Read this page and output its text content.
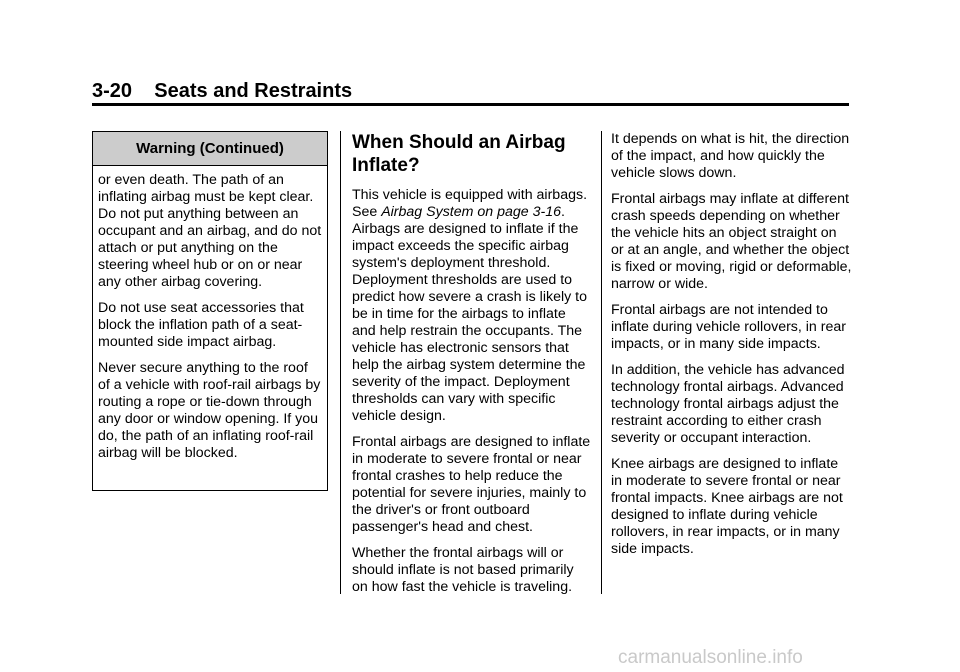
3-20 Seats and Restraints
Warning (Continued)

or even death. The path of an inflating airbag must be kept clear. Do not put anything between an occupant and an airbag, and do not attach or put anything on the steering wheel hub or on or near any other airbag covering.

Do not use seat accessories that block the inflation path of a seat-mounted side impact airbag.

Never secure anything to the roof of a vehicle with roof-rail airbags by routing a rope or tie-down through any door or window opening. If you do, the path of an inflating roof-rail airbag will be blocked.

When Should an Airbag Inflate?

This vehicle is equipped with airbags. See Airbag System on page 3-16. Airbags are designed to inflate if the impact exceeds the specific airbag system's deployment threshold. Deployment thresholds are used to predict how severe a crash is likely to be in time for the airbags to inflate and help restrain the occupants. The vehicle has electronic sensors that help the airbag system determine the severity of the impact. Deployment thresholds can vary with specific vehicle design.

Frontal airbags are designed to inflate in moderate to severe frontal or near frontal crashes to help reduce the potential for severe injuries, mainly to the driver's or front outboard passenger's head and chest.

Whether the frontal airbags will or should inflate is not based primarily on how fast the vehicle is traveling.

It depends on what is hit, the direction of the impact, and how quickly the vehicle slows down.

Frontal airbags may inflate at different crash speeds depending on whether the vehicle hits an object straight on or at an angle, and whether the object is fixed or moving, rigid or deformable, narrow or wide.

Frontal airbags are not intended to inflate during vehicle rollovers, in rear impacts, or in many side impacts.

In addition, the vehicle has advanced technology frontal airbags. Advanced technology frontal airbags adjust the restraint according to either crash severity or occupant interaction.

Knee airbags are designed to inflate in moderate to severe frontal or near frontal impacts. Knee airbags are not designed to inflate during vehicle rollovers, in rear impacts, or in many side impacts.

carmanualsonline.info
